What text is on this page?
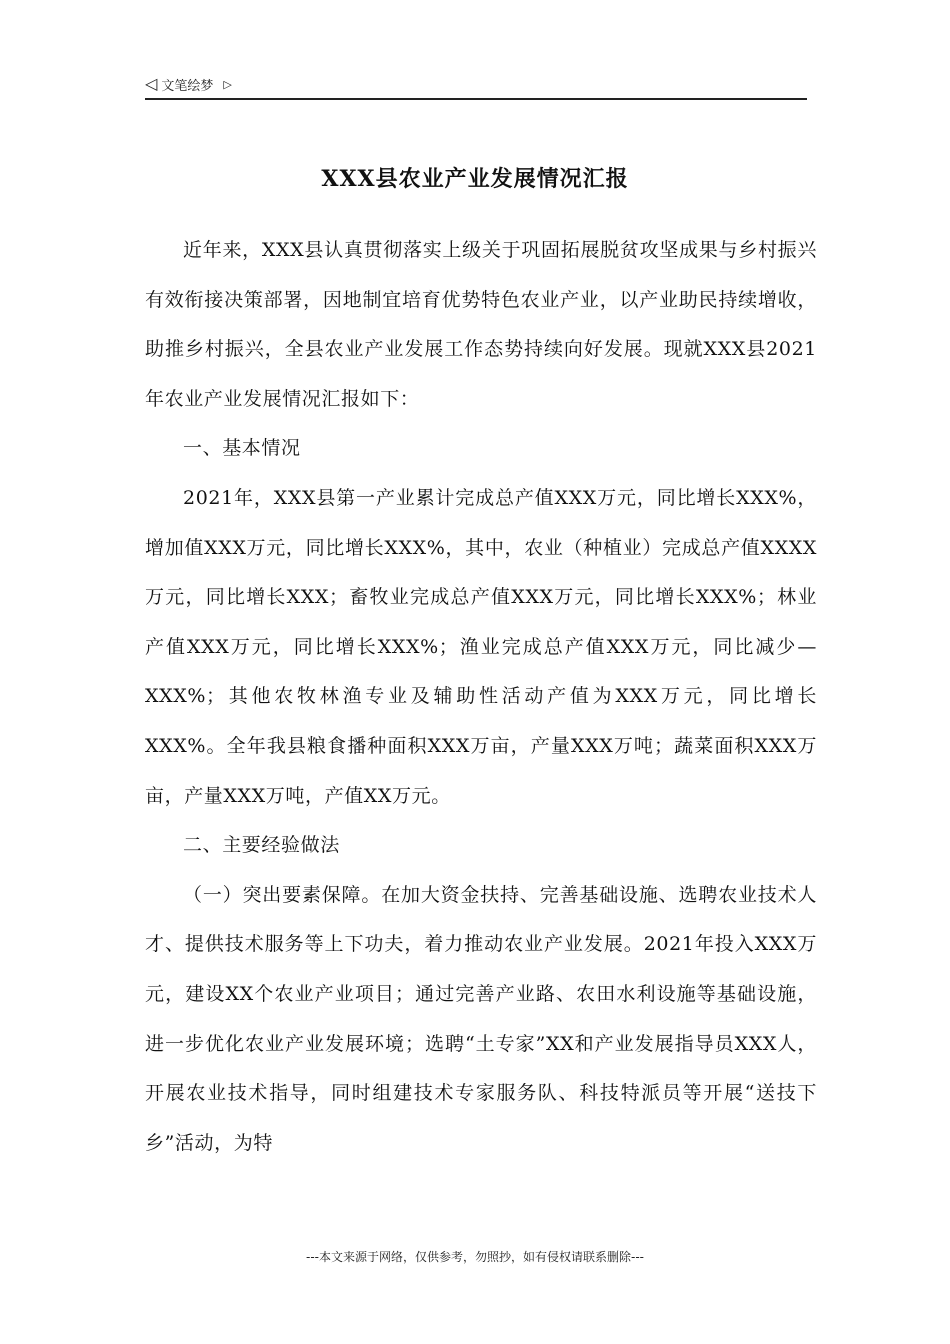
◁ 文笔绘梦 ▷
XXX县农业产业发展情况汇报

近年来，XXX县认真贯彻落实上级关于巩固拓展脱贫攻坚成果与乡村振兴有效衔接决策部署，因地制宜培育优势特色农业产业，以产业助民持续增收，助推乡村振兴，全县农业产业发展工作态势持续向好发展。现就XXX县2021年农业产业发展情况汇报如下：

一、基本情况

2021年，XXX县第一产业累计完成总产值XXX万元，同比增长XXX%，增加值XXX万元，同比增长XXX%，其中，农业（种植业）完成总产值XXXX万元，同比增长XXX；畜牧业完成总产值XXX万元，同比增长XXX%；林业产值XXX万元，同比增长XXX%；渔业完成总产值XXX万元，同比减少—XXX%；其他农牧林渔专业及辅助性活动产值为XXX万元，同比增长XXX%。全年我县粮食播种面积XXX万亩，产量XXX万吨；蔬菜面积XXX万亩，产量XXX万吨，产值XX万元。

二、主要经验做法

（一）突出要素保障。在加大资金扶持、完善基础设施、选聘农业技术人才、提供技术服务等上下功夫，着力推动农业产业发展。2021年投入XXX万元，建设XX个农业产业项目；通过完善产业路、农田水利设施等基础设施，进一步优化农业产业发展环境；选聘“土专家”XX和产业发展指导员XXX人，开展农业技术指导，同时组建技术专家服务队、科技特派员等开展“送技下乡”活动，为特

---本文来源于网络，仅供参考，勿照抄，如有侵权请联系删除---
